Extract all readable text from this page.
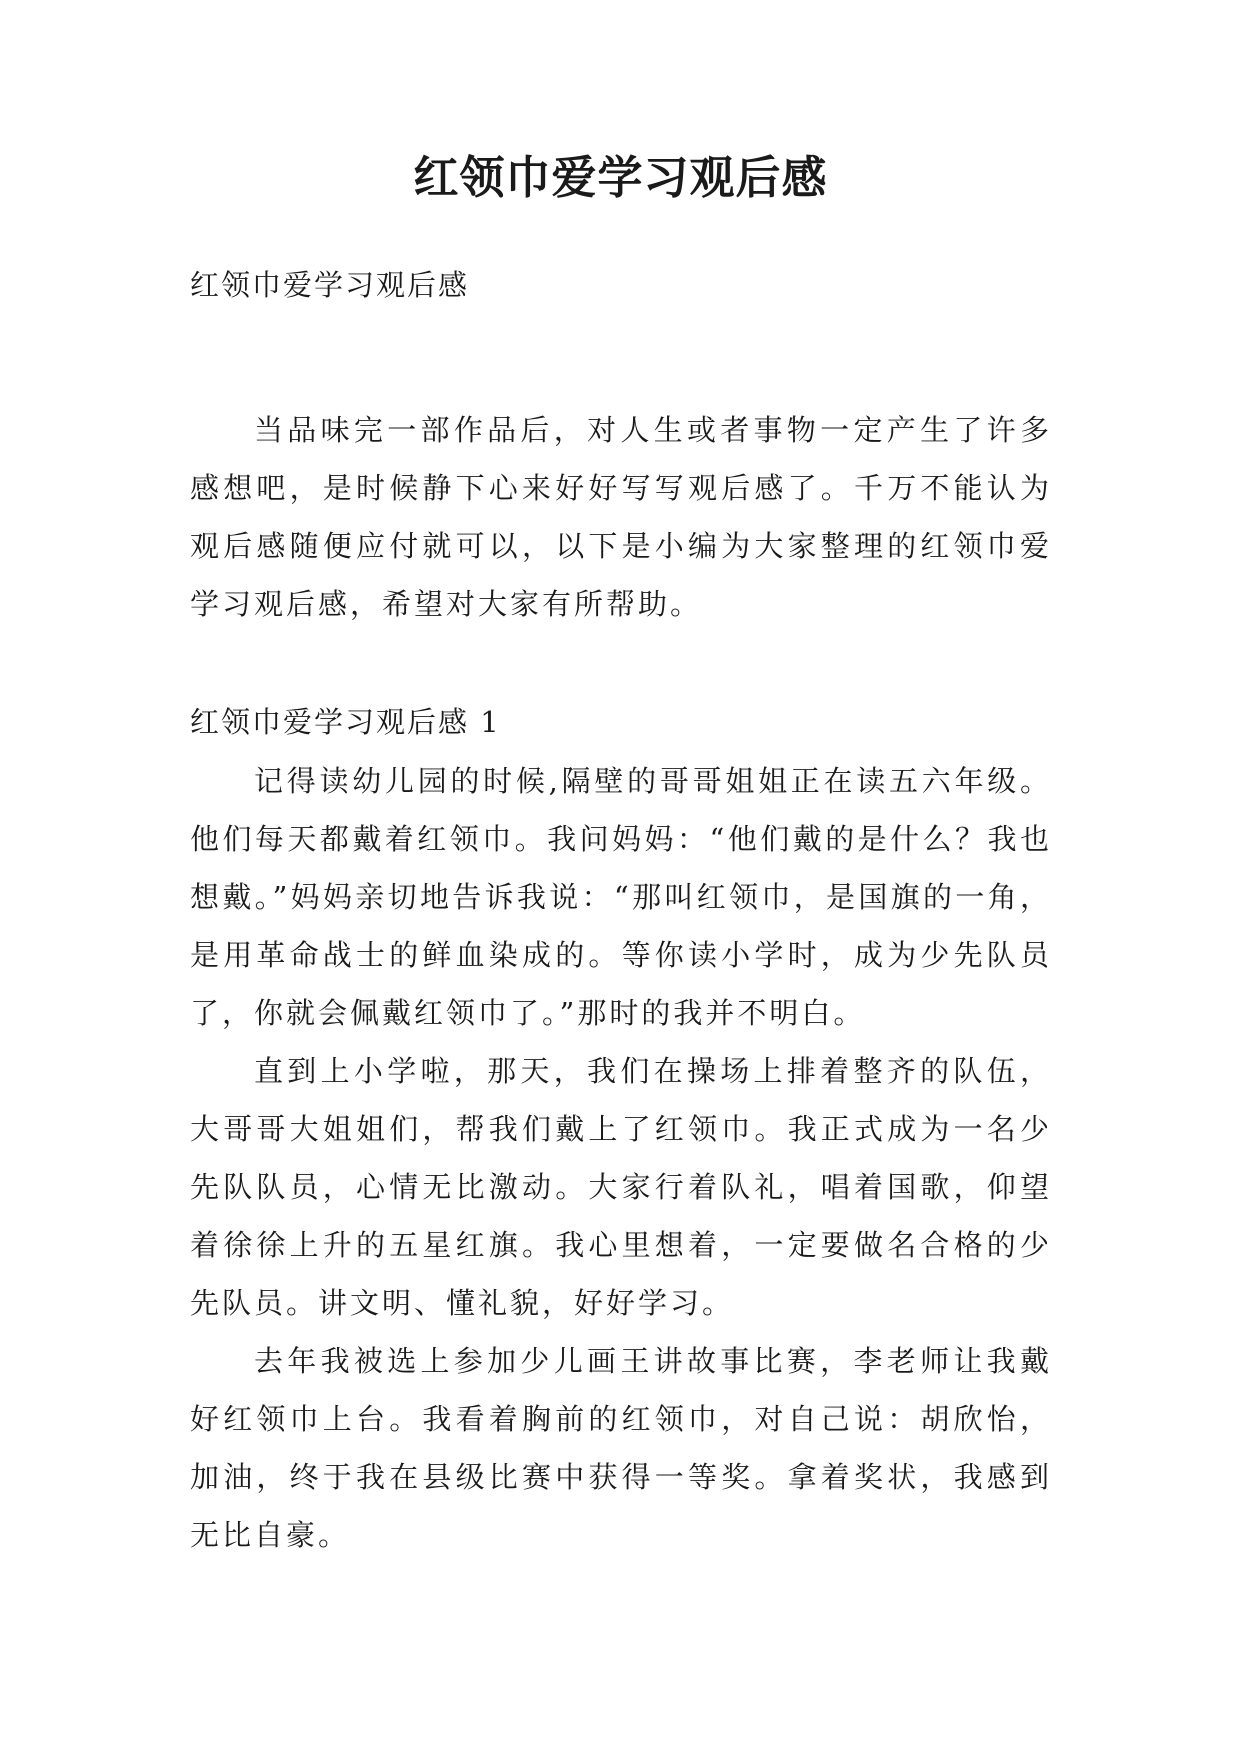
红领巾爱学习观后感
红领巾爱学习观后感

当品味完一部作品后，对人生或者事物一定产生了许多感想吧，是时候静下心来好好写写观后感了。千万不能认为观后感随便应付就可以，以下是小编为大家整理的红领巾爱学习观后感，希望对大家有所帮助。

红领巾爱学习观后感 1

记得读幼儿园的时候,隔壁的哥哥姐姐正在读五六年级。他们每天都戴着红领巾。我问妈妈：“他们戴的是什么？我也想戴。”妈妈亲切地告诉我说：“那叫红领巾，是国旗的一角，是用革命战士的鲜血染成的。等你读小学时，成为少先队员了，你就会佩戴红领巾了。”那时的我并不明白。

直到上小学啦，那天，我们在操场上排着整齐的队伍，大哥哥大姐姐们，帮我们戴上了红领巾。我正式成为一名少先队队员，心情无比激动。大家行着队礼，唱着国歌，仰望着徐徐上升的五星红旗。我心里想着，一定要做名合格的少先队员。讲文明、懂礼貌，好好学习。

去年我被选上参加少儿画王讲故事比赛，李老师让我戴好红领巾上台。我看着胸前的红领巾，对自己说：胡欣怡，加油，终于我在县级比赛中获得一等奖。拿着奖状，我感到无比自豪。
